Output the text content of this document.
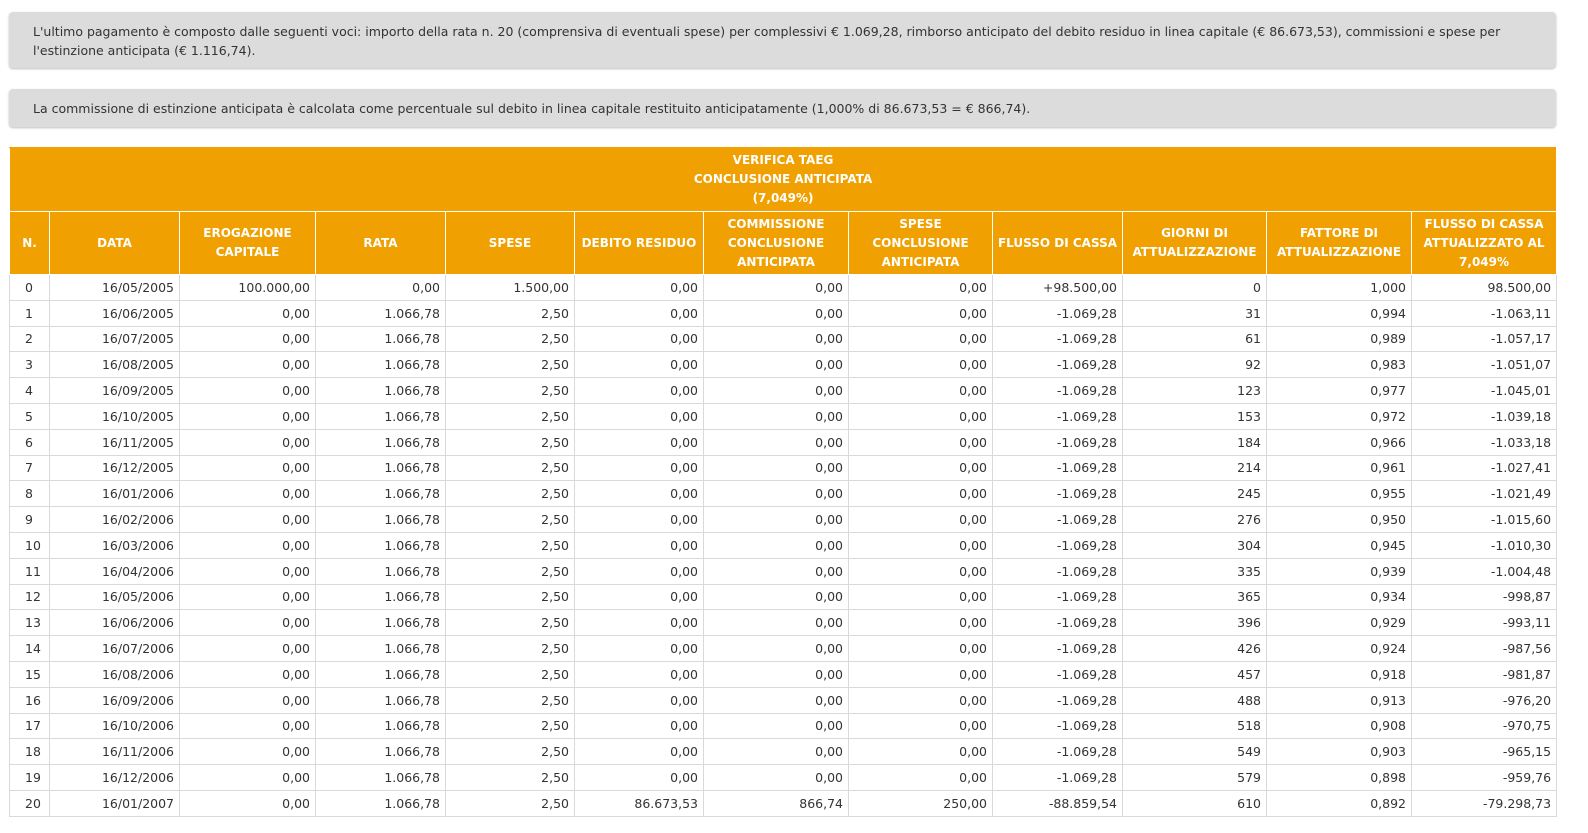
L'ultimo pagamento è composto dalle seguenti voci: importo della rata n. 20 (comprensiva di eventuali spese) per complessivi € 1.069,28, rimborso anticipato del debito residuo in linea capitale (€ 86.673,53), commissioni e spese per l'estinzione anticipata (€ 1.116,74).
La commissione di estinzione anticipata è calcolata come percentuale sul debito in linea capitale restituito anticipatamente (1,000% di 86.673,53 = € 866,74).
VERIFICA TAEG
CONCLUSIONE ANTICIPATA
(7,049%)											

N.	DATA	EROGAZIONE CAPITALE	RATA	SPESE	DEBITO RESIDUO	COMMISSIONE CONCLUSIONE ANTICIPATA	SPESE CONCLUSIONE ANTICIPATA	FLUSSO DI CASSA	GIORNI DI ATTUALIZZAZIONE	FATTORE DI ATTUALIZZAZIONE	FLUSSO DI CASSA ATTUALIZZATO AL 7,049%
0	16/05/2005	100.000,00	0,00	1.500,00	0,00	0,00	0,00	+98.500,00	0	1,000	98.500,00
1	16/06/2005	0,00	1.066,78	2,50	0,00	0,00	0,00	-1.069,28	31	0,994	-1.063,11
2	16/07/2005	0,00	1.066,78	2,50	0,00	0,00	0,00	-1.069,28	61	0,989	-1.057,17
3	16/08/2005	0,00	1.066,78	2,50	0,00	0,00	0,00	-1.069,28	92	0,983	-1.051,07
4	16/09/2005	0,00	1.066,78	2,50	0,00	0,00	0,00	-1.069,28	123	0,977	-1.045,01
5	16/10/2005	0,00	1.066,78	2,50	0,00	0,00	0,00	-1.069,28	153	0,972	-1.039,18
6	16/11/2005	0,00	1.066,78	2,50	0,00	0,00	0,00	-1.069,28	184	0,966	-1.033,18
7	16/12/2005	0,00	1.066,78	2,50	0,00	0,00	0,00	-1.069,28	214	0,961	-1.027,41
8	16/01/2006	0,00	1.066,78	2,50	0,00	0,00	0,00	-1.069,28	245	0,955	-1.021,49
9	16/02/2006	0,00	1.066,78	2,50	0,00	0,00	0,00	-1.069,28	276	0,950	-1.015,60
10	16/03/2006	0,00	1.066,78	2,50	0,00	0,00	0,00	-1.069,28	304	0,945	-1.010,30
11	16/04/2006	0,00	1.066,78	2,50	0,00	0,00	0,00	-1.069,28	335	0,939	-1.004,48
12	16/05/2006	0,00	1.066,78	2,50	0,00	0,00	0,00	-1.069,28	365	0,934	-998,87
13	16/06/2006	0,00	1.066,78	2,50	0,00	0,00	0,00	-1.069,28	396	0,929	-993,11
14	16/07/2006	0,00	1.066,78	2,50	0,00	0,00	0,00	-1.069,28	426	0,924	-987,56
15	16/08/2006	0,00	1.066,78	2,50	0,00	0,00	0,00	-1.069,28	457	0,918	-981,87
16	16/09/2006	0,00	1.066,78	2,50	0,00	0,00	0,00	-1.069,28	488	0,913	-976,20
17	16/10/2006	0,00	1.066,78	2,50	0,00	0,00	0,00	-1.069,28	518	0,908	-970,75
18	16/11/2006	0,00	1.066,78	2,50	0,00	0,00	0,00	-1.069,28	549	0,903	-965,15
19	16/12/2006	0,00	1.066,78	2,50	0,00	0,00	0,00	-1.069,28	579	0,898	-959,76
20	16/01/2007	0,00	1.066,78	2,50	86.673,53	866,74	250,00	-88.859,54	610	0,892	-79.298,73
